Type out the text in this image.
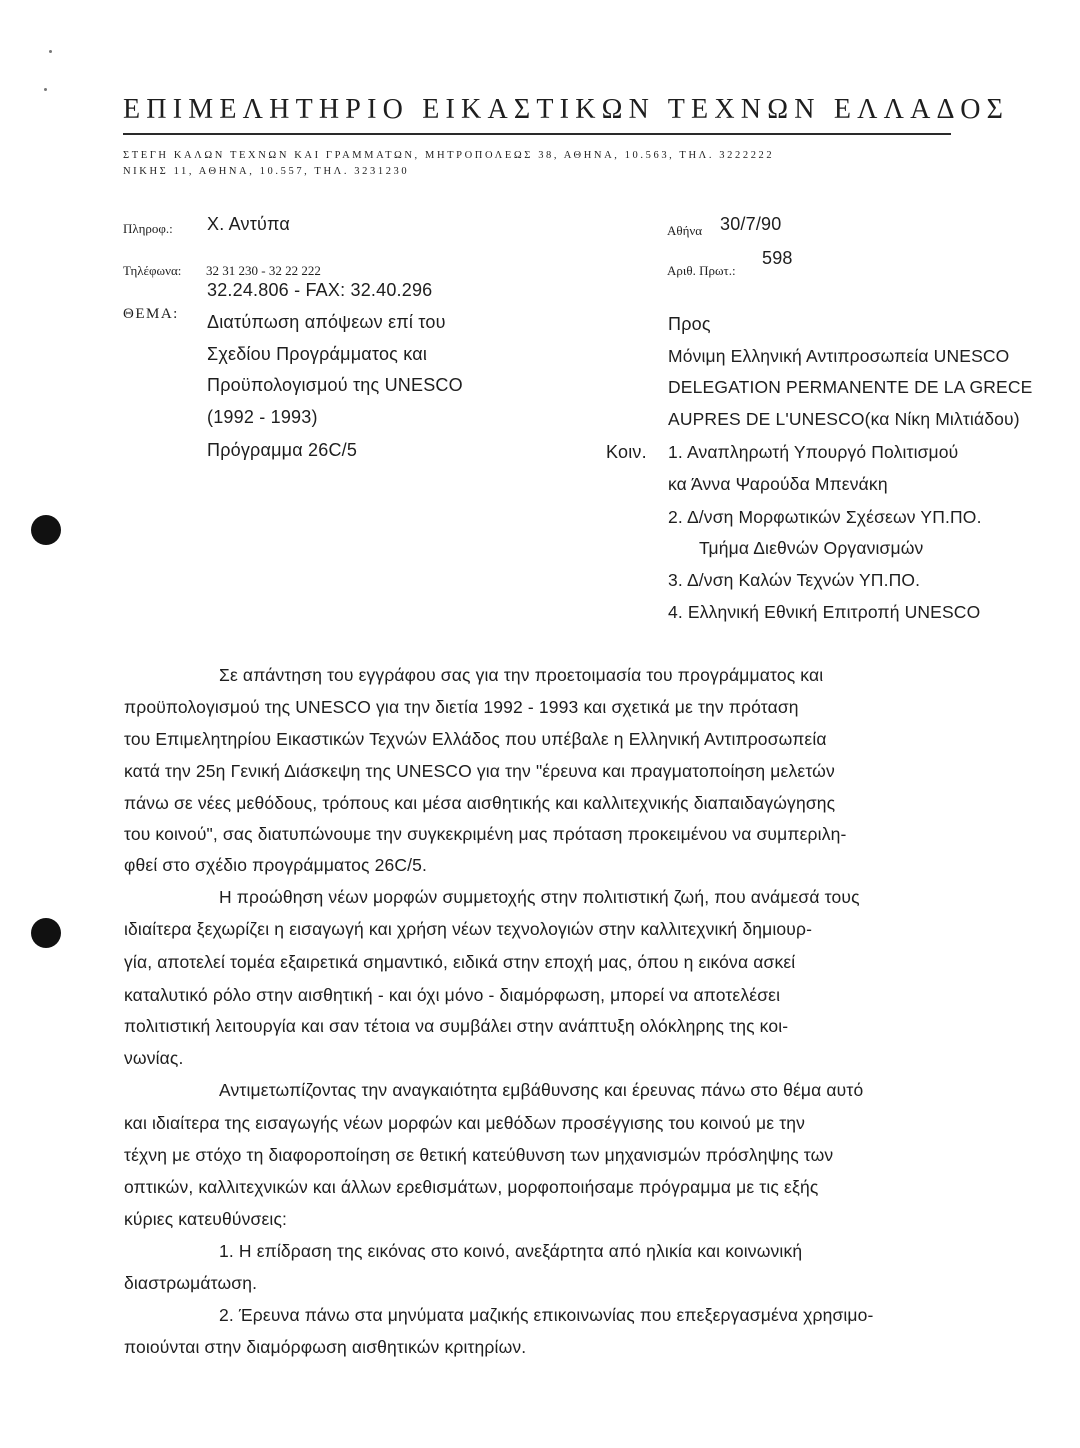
ΕΠΙΜΕΛΗΤΗΡΙΟ ΕΙΚΑΣΤΙΚΩΝ ΤΕΧΝΩΝ ΕΛΛΑΔΟΣ
ΣΤΕΓΗ ΚΑΛΩΝ ΤΕΧΝΩΝ ΚΑΙ ΓΡΑΜΜΑΤΩΝ, ΜΗΤΡΟΠΟΛΕΩΣ 38, ΑΘΗΝΑ, 10.563, ΤΗΛ. 3222222
ΝΙΚΗΣ 11, ΑΘΗΝΑ, 10.557, ΤΗΛ. 3231230
Πληροφ.: Χ. Αντύπα
Τηλέφωνα: 32 31 230 - 32 22 222
32.24.806 - FAX: 32.40.296
ΘΕΜΑ: Διατύπωση απόψεων επί του
Σχεδίου Προγράμματος και
Προϋπολογισμού της UNESCO
(1992 - 1993)
Πρόγραμμα 26C/5
Αθήνα 30/7/90
Αριθ. Πρωτ.:
598
Προς
Μόνιμη Ελληνική Αντιπροσωπεία UNESCO
DELEGATION PERMANENTE DE LA GRECE
AUPRES DE L'UNESCO(κα Νίκη Μιλτιάδου)
Κοιν. 1. Αναπληρωτή Υπουργό Πολιτισμού
κα Άννα Ψαρούδα Μπενάκη
2. Δ/νση Μορφωτικών Σχέσεων ΥΠ.ΠΟ.
Τμήμα Διεθνών Οργανισμών
3. Δ/νση Καλών Τεχνών ΥΠ.ΠΟ.
4. Ελληνική Εθνική Επιτροπή UNESCO
Σε απάντηση του εγγράφου σας για την προετοιμασία του προγράμματος και
προϋπολογισμού της UNESCO για την διετία 1992 - 1993 και σχετικά με την πρόταση
του Επιμελητηρίου Εικαστικών Τεχνών Ελλάδος που υπέβαλε η Ελληνική Αντιπροσωπεία
κατά την 25η Γενική Διάσκεψη της UNESCO για την "έρευνα και πραγματοποίηση μελετών
πάνω σε νέες μεθόδους, τρόπους και μέσα αισθητικής και καλλιτεχνικής διαπαιδαγώγησης
του κοινού", σας διατυπώνουμε την συγκεκριμένη μας πρόταση προκειμένου να συμπεριλη-
φθεί στο σχέδιο προγράμματος 26C/5.
Η προώθηση νέων μορφών συμμετοχής στην πολιτιστική ζωή, που ανάμεσά τους
ιδιαίτερα ξεχωρίζει η εισαγωγή και χρήση νέων τεχνολογιών στην καλλιτεχνική δημιουρ-
γία, αποτελεί τομέα εξαιρετικά σημαντικό, ειδικά στην εποχή μας, όπου η εικόνα ασκεί
καταλυτικό ρόλο στην αισθητική - και όχι μόνο - διαμόρφωση, μπορεί να αποτελέσει
πολιτιστική λειτουργία και σαν τέτοια να συμβάλει στην ανάπτυξη ολόκληρης της κοι-
νωνίας.
Αντιμετωπίζοντας την αναγκαιότητα εμβάθυνσης και έρευνας πάνω στο θέμα αυτό
και ιδιαίτερα της εισαγωγής νέων μορφών και μεθόδων προσέγγισης του κοινού με την
τέχνη με στόχο τη διαφοροποίηση σε θετική κατεύθυνση των μηχανισμών πρόσληψης των
οπτικών, καλλιτεχνικών και άλλων ερεθισμάτων, μορφοποιήσαμε πρόγραμμα με τις εξής
κύριες κατευθύνσεις:
1. Η επίδραση της εικόνας στο κοινό, ανεξάρτητα από ηλικία και κοινωνική
διαστρωμάτωση.
2. Έρευνα πάνω στα μηνύματα μαζικής επικοινωνίας που επεξεργασμένα χρησιμο-
ποιούνται στην διαμόρφωση αισθητικών κριτηρίων.
